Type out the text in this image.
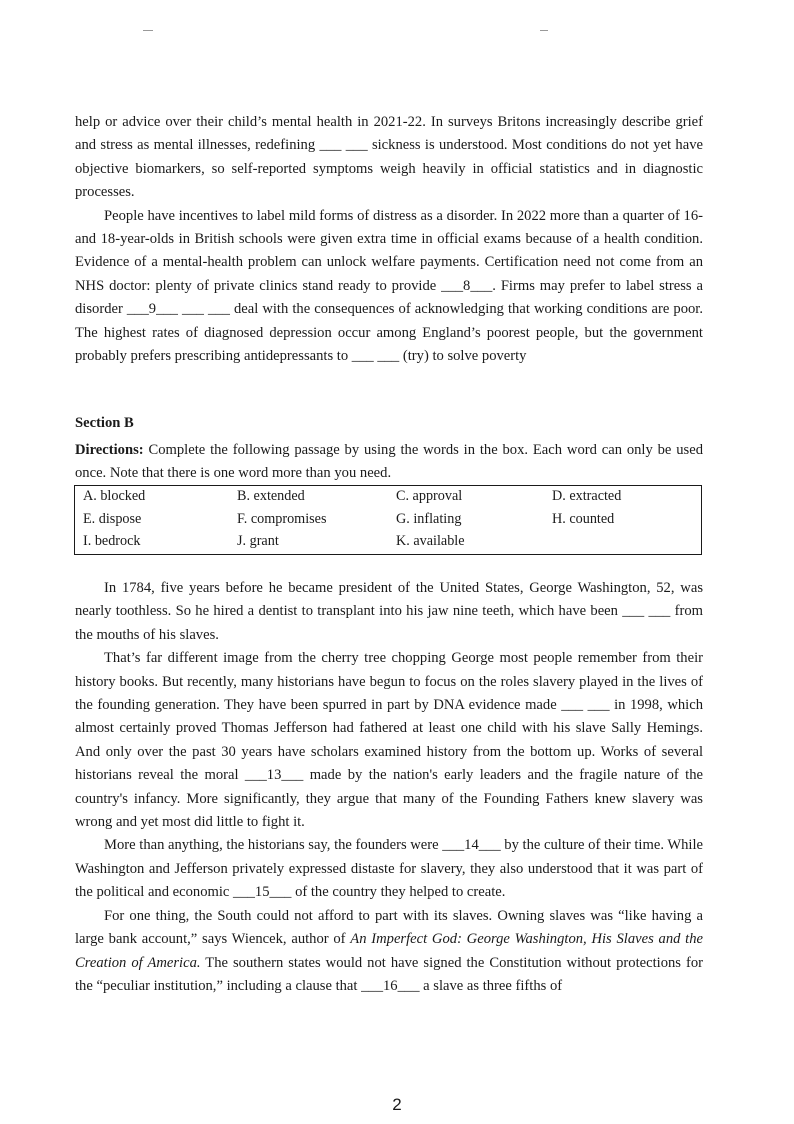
help or advice over their child’s mental health in 2021-22. In surveys Britons increasingly describe grief and stress as mental illnesses, redefining ___ ___ sickness is understood. Most conditions do not yet have objective biomarkers, so self-reported symptoms weigh heavily in official statistics and in diagnostic processes.

People have incentives to label mild forms of distress as a disorder. In 2022 more than a quarter of 16- and 18-year-olds in British schools were given extra time in official exams because of a health condition. Evidence of a mental-health problem can unlock welfare payments. Certification need not come from an NHS doctor: plenty of private clinics stand ready to provide ___8___. Firms may prefer to label stress a disorder ___9___ ___ ___ deal with the consequences of acknowledging that working conditions are poor. The highest rates of diagnosed depression occur among England’s poorest people, but the government probably prefers prescribing antidepressants to ___ ___ (try) to solve poverty

Section B
Directions: Complete the following passage by using the words in the box. Each word can only be used once. Note that there is one word more than you need.
A. blocked	B. extended	C. approval	D. extracted
E. dispose	F. compromises	G. inflating	H. counted
I. bedrock	J. grant	K. available

In 1784, five years before he became president of the United States, George Washington, 52, was nearly toothless. So he hired a dentist to transplant into his jaw nine teeth, which have been ___ ___ from the mouths of his slaves.

That’s far different image from the cherry tree chopping George most people remember from their history books. But recently, many historians have begun to focus on the roles slavery played in the lives of the founding generation. They have been spurred in part by DNA evidence made ___ ___ in 1998, which almost certainly proved Thomas Jefferson had fathered at least one child with his slave Sally Hemings. And only over the past 30 years have scholars examined history from the bottom up. Works of several historians reveal the moral ___13___ made by the nation's early leaders and the fragile nature of the country's infancy. More significantly, they argue that many of the Founding Fathers knew slavery was wrong and yet most did little to fight it.

More than anything, the historians say, the founders were ___14___ by the culture of their time. While Washington and Jefferson privately expressed distaste for slavery, they also understood that it was part of the political and economic ___15___ of the country they helped to create.

For one thing, the South could not afford to part with its slaves. Owning slaves was “like having a large bank account,” says Wiencek, author of An Imperfect God: George Washington, His Slaves and the Creation of America. The southern states would not have signed the Constitution without protections for the “peculiar institution,” including a clause that ___16___ a slave as three fifths of

2
